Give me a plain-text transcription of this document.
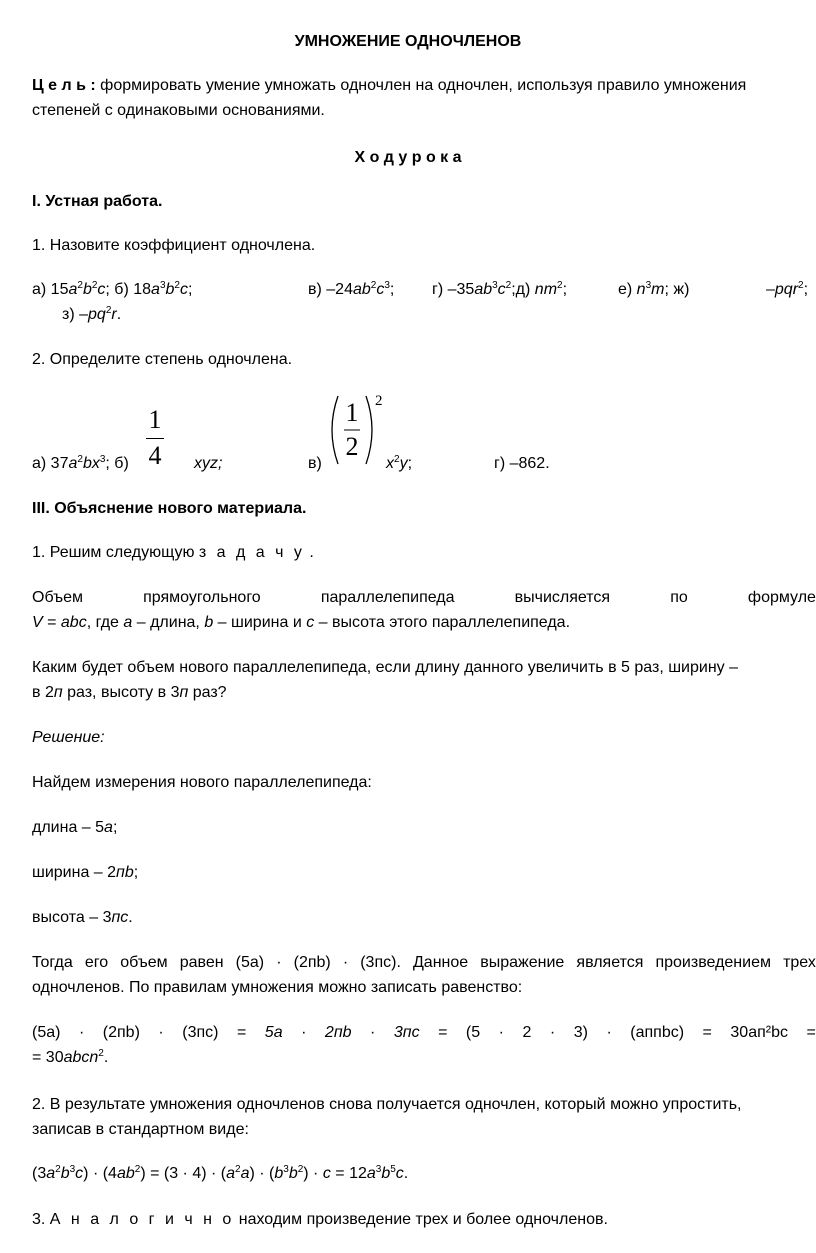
УМНОЖЕНИЕ ОДНОЧЛЕНОВ
Ц е л ь : формировать умение умножать одночлен на одночлен, используя правило умножения
степеней с одинаковыми основаниями.
Х о д у р о к а
I. Устная работа.
1. Назовите коэффициент одночлена.
а) $15a^2b^2c$; б) $18a^3b^2c$;	в) $-24ab^2c^3$; г) $-35ab^3c^2;д$) $nm^2$;	е) $n^3m$; ж)	–pqr$^2$;
з) $-pq^2r$.
2. Определите степень одночлена.
а) $37a^2bx^3$; б)
1
4 xyz;	в)
1
2
2
$x^2y$;	г) –862.
III. Объяснение нового материала.
1. Решим следующую з а д а ч у .
Объем	прямоугольного	параллелепипеда	вычисляется	по	формуле
V = abc, где a – длина, b – ширина и c – высота этого параллелепипеда.
Каким будет объем нового параллелепипеда, если длину данного увеличить в 5 раз, ширину –
в 2п раз, высоту в 3п раз?
Решение:
Найдем измерения нового параллелепипеда:
длина – 5а;
ширина – 2пb;
высота – 3пс.
Тогда его объем равен (5a) · (2пb) · (3пс). Данное выражение является произведением трех
одночленов. По правилам умножения можно записать равенство:
(5а) · (2пb) · (3пс) = 5а · 2пb · 3пс = (5 · 2 · 3) · (аппbc) = 30ап²bc =
= 30abcn$^2$.
2. В результате умножения одночленов снова получается одночлен, который можно упростить,
записав в стандартном виде:
$(3a^2b^3c) \cdot (4ab^2) = (3 \cdot 4) \cdot (a^2a) \cdot (b^3b^2) \cdot c = 12a^3b^5c$.
3. А н а л о г и ч н о находим произведение трех и более одночленов.
